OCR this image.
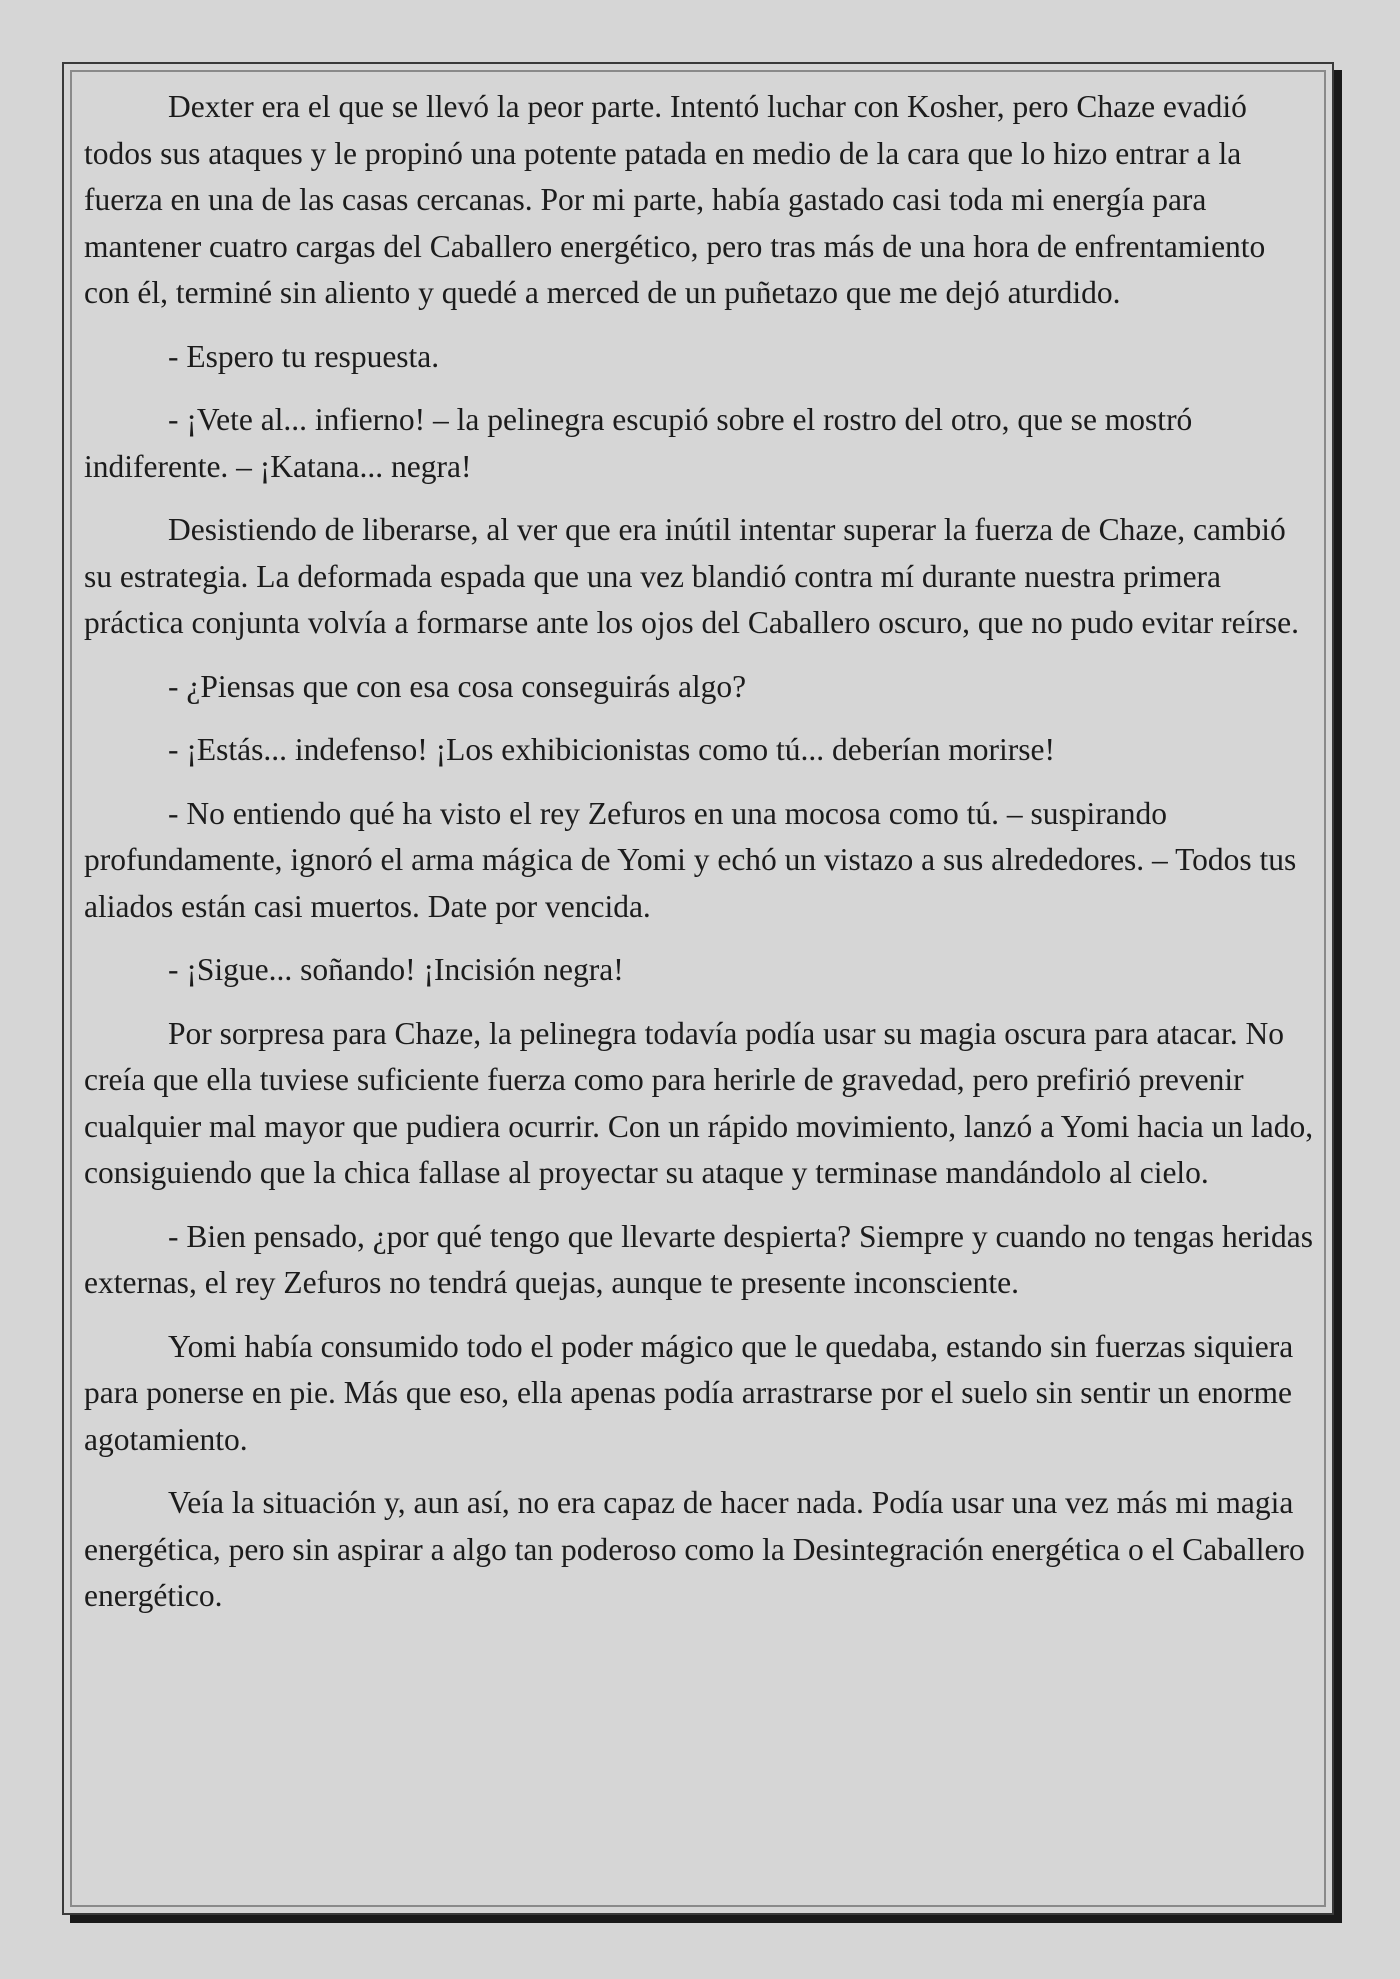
Dexter era el que se llevó la peor parte. Intentó luchar con Kosher, pero Chaze evadió todos sus ataques y le propinó una potente patada en medio de la cara que lo hizo entrar a la fuerza en una de las casas cercanas. Por mi parte, había gastado casi toda mi energía para mantener cuatro cargas del Caballero energético, pero tras más de una hora de enfrentamiento con él, terminé sin aliento y quedé a merced de un puñetazo que me dejó aturdido.

- Espero tu respuesta.

- ¡Vete al... infierno! – la pelinegra escupió sobre el rostro del otro, que se mostró indiferente. – ¡Katana... negra!

Desistiendo de liberarse, al ver que era inútil intentar superar la fuerza de Chaze, cambió su estrategia. La deformada espada que una vez blandió contra mí durante nuestra primera práctica conjunta volvía a formarse ante los ojos del Caballero oscuro, que no pudo evitar reírse.

- ¿Piensas que con esa cosa conseguirás algo?

- ¡Estás... indefenso! ¡Los exhibicionistas como tú... deberían morirse!

- No entiendo qué ha visto el rey Zefuros en una mocosa como tú. – suspirando profundamente, ignoró el arma mágica de Yomi y echó un vistazo a sus alrededores. – Todos tus aliados están casi muertos. Date por vencida.

- ¡Sigue... soñando! ¡Incisión negra!

Por sorpresa para Chaze, la pelinegra todavía podía usar su magia oscura para atacar. No creía que ella tuviese suficiente fuerza como para herirle de gravedad, pero prefirió prevenir cualquier mal mayor que pudiera ocurrir. Con un rápido movimiento, lanzó a Yomi hacia un lado, consiguiendo que la chica fallase al proyectar su ataque y terminase mandándolo al cielo.

- Bien pensado, ¿por qué tengo que llevarte despierta? Siempre y cuando no tengas heridas externas, el rey Zefuros no tendrá quejas, aunque te presente inconsciente.

Yomi había consumido todo el poder mágico que le quedaba, estando sin fuerzas siquiera para ponerse en pie. Más que eso, ella apenas podía arrastrarse por el suelo sin sentir un enorme agotamiento.

Veía la situación y, aun así, no era capaz de hacer nada. Podía usar una vez más mi magia energética, pero sin aspirar a algo tan poderoso como la Desintegración energética o el Caballero energético.
